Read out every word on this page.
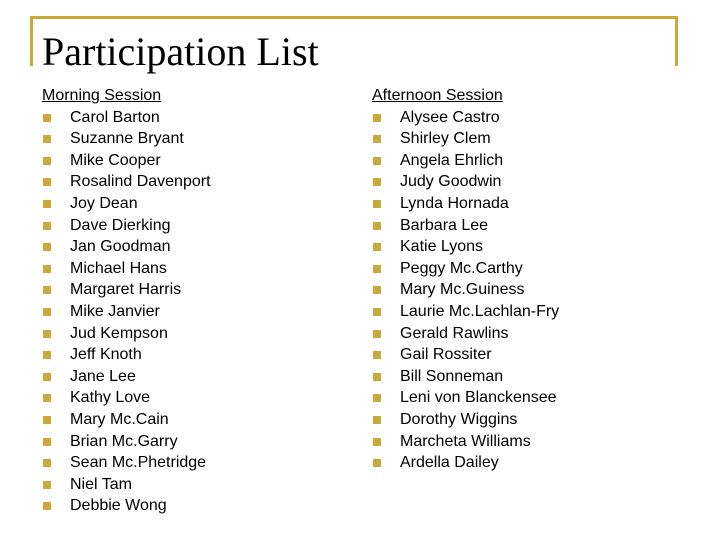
Participation List
Morning Session
Carol Barton
Suzanne Bryant
Mike Cooper
Rosalind Davenport
Joy Dean
Dave Dierking
Jan Goodman
Michael Hans
Margaret Harris
Mike Janvier
Jud Kempson
Jeff Knoth
Jane Lee
Kathy Love
Mary Mc.Cain
Brian Mc.Garry
Sean Mc.Phetridge
Niel Tam
Debbie Wong
Afternoon Session
Alysee Castro
Shirley Clem
Angela Ehrlich
Judy Goodwin
Lynda Hornada
Barbara Lee
Katie Lyons
Peggy Mc.Carthy
Mary Mc.Guiness
Laurie Mc.Lachlan-Fry
Gerald Rawlins
Gail Rossiter
Bill Sonneman
Leni von Blanckensee
Dorothy Wiggins
Marcheta Williams
Ardella Dailey
